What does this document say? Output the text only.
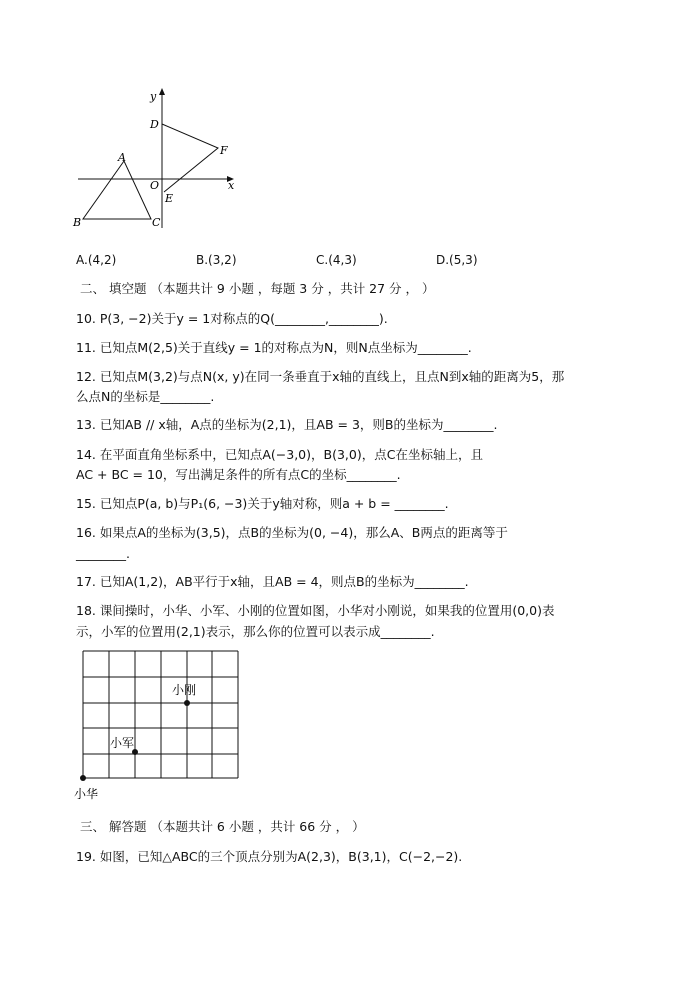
y
x
D
F
A
O
E
B	C
A.(4,2)	B.(3,2)	C.(4,3)	D.(5,3)
二、 填空题 （本题共计 9 小题 ，每题 3 分 ，共计 27 分 ， ）
10. P(3, −2)关于y = 1对称点的Q(________,________).
11. 已知点M(2,5)关于直线y = 1的对称点为N，则N点坐标为________.
12. 已知点M(3,2)与点N(x, y)在同一条垂直于x轴的直线上，且点N到x轴的距离为5，那
么点N的坐标是________.
13. 已知AB // x轴，A点的坐标为(2,1)，且AB = 3，则B的坐标为________.
14. 在平面直角坐标系中，已知点A(−3,0)，B(3,0)，点C在坐标轴上，且
AC + BC = 10，写出满足条件的所有点C的坐标________.
15. 已知点P(a, b)与P₁(6, −3)关于y轴对称，则a + b = ________.
16. 如果点A的坐标为(3,5)，点B的坐标为(0, −4)，那么A、B两点的距离等于
________.
17. 已知A(1,2)，AB平行于x轴，且AB = 4，则点B的坐标为________.
18. 课间操时，小华、小军、小刚的位置如图，小华对小刚说，如果我的位置用(0,0)表
示，小军的位置用(2,1)表示，那么你的位置可以表示成________.
小刚
小军
小华
三、 解答题 （本题共计 6 小题 ，共计 66 分 ， ）
19. 如图，已知△ABC的三个顶点分别为A(2,3)，B(3,1)，C(−2,−2).
